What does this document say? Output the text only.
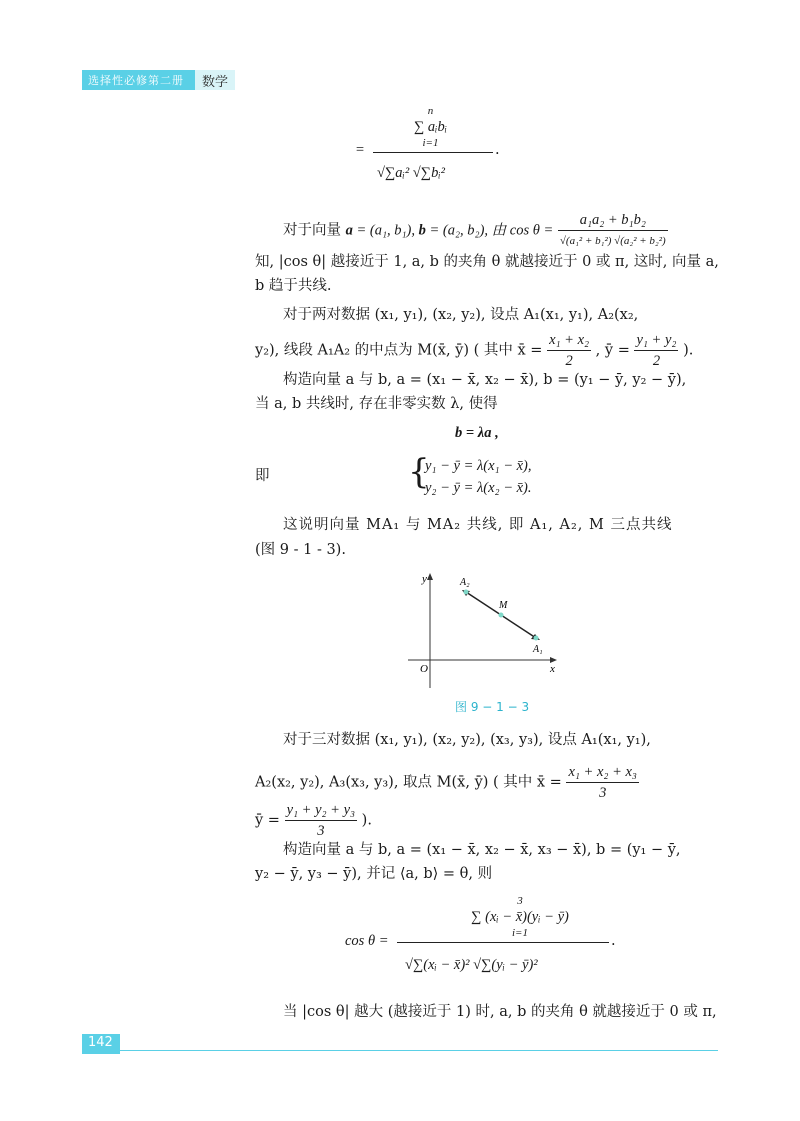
选择性必修第二册 数学
=
n
∑ aᵢbᵢ
i=1
√∑aᵢ² √∑bᵢ²
.
对于向量 a = (a₁, b₁), b = (a₂, b₂), 由 $\cos \theta = \frac{\text{a₁a₂ + b₁b₂}}{\text{√(a₁² + b₁²) √(a₂² + b₂²)}}$
知, |cos θ| 越接近于 1, a, b 的夹角 θ 就越接近于 0 或 π, 这时, 向量 a,
b 趋于共线.
对于两对数据 (x₁, y₁), (x₂, y₂), 设点 A₁(x₁, y₁), A₂(x₂,
y₂), 线段 A₁A₂ 的中点为 M(x̄, ȳ) ( 其中 x̄ = $\frac{\text{x₁ + x₂}}{2}$ , ȳ = $\frac{\text{y₁ + y₂}}{2}$ ).
构造向量 a 与 b, a = (x₁ − x̄, x₂ − x̄), b = (y₁ − ȳ, y₂ − ȳ),
当 a, b 共线时, 存在非零实数 λ, 使得
b = λa ,
即	{
y₁ − ȳ = λ(x₁ − x̄),
y₂ − ȳ = λ(x₂ − x̄).
这说明向量 MA₁ 与 MA₂ 共线, 即 A₁, A₂, M 三点共线
(图 9 - 1 - 3).
y
x
O
A₂
M
A₁
图 9 − 1 − 3
对于三对数据 (x₁, y₁), (x₂, y₂), (x₃, y₃), 设点 A₁(x₁, y₁),
A₂(x₂, y₂), A₃(x₃, y₃), 取点 M(x̄, ȳ) ( 其中 x̄ = $\frac{\text{x₁ + x₂ + x₃}}{3}$
ȳ = $\frac{\text{y₁ + y₂ + y₃}}{3}$ ).
构造向量 a 与 b, a = (x₁ − x̄, x₂ − x̄, x₃ − x̄), b = (y₁ − ȳ,
y₂ − ȳ, y₃ − ȳ), 并记 ⟨a, b⟩ = θ, 则
cos θ =
3
∑ (xᵢ − x̄)(yᵢ − ȳ)
i=1
√∑(xᵢ − x̄)² √∑(yᵢ − ȳ)²
.
当 |cos θ| 越大 (越接近于 1) 时, a, b 的夹角 θ 就越接近于 0 或 π,
142
